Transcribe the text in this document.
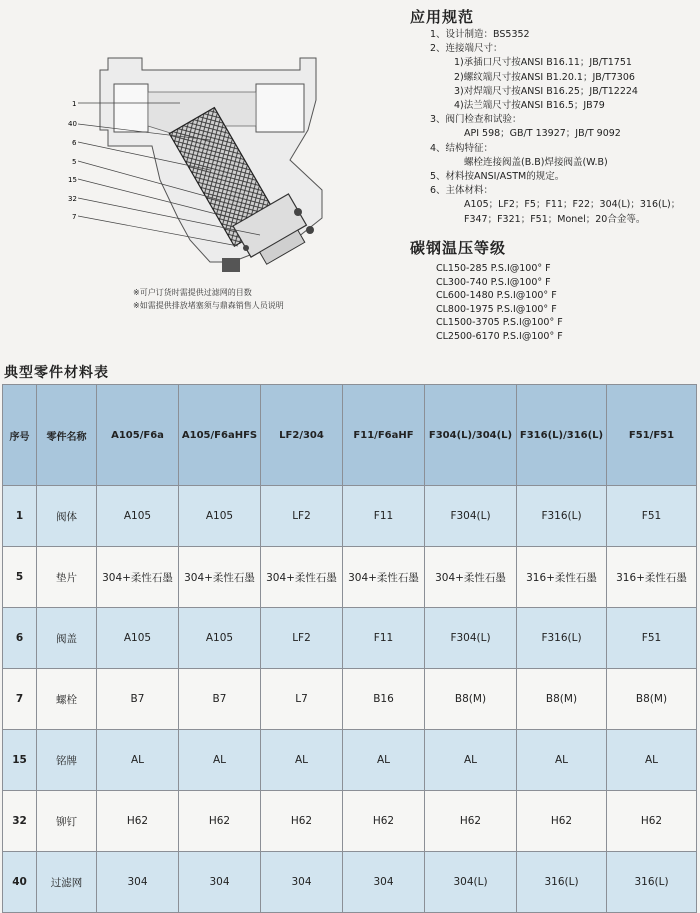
1
40
6
5
15
32
7
※可户订货时需提供过滤网的目数
※如需提供排放堵塞须与鼎森销售人员说明
应用规范
1、设计制造：BS5352
2、连接端尺寸：
1)承插口尺寸按ANSI B16.11；JB/T1751
2)螺纹端尺寸按ANSI B1.20.1；JB/T7306
3)对焊端尺寸按ANSI B16.25；JB/T12224
4)法兰端尺寸按ANSI B16.5；JB79
3、阀门检查和试验：
API 598；GB/T 13927；JB/T 9092
4、结构特征：
螺栓连接阀盖(B.B)焊接阀盖(W.B)
5、材料按ANSI/ASTM的规定。
6、主体材料：
A105；LF2；F5；F11；F22；304(L)；316(L)；
F347；F321；F51；Monel；20合金等。
碳钢温压等级
CL150-285 P.S.I@100° F
CL300-740 P.S.I@100° F
CL600-1480 P.S.I@100° F
CL800-1975 P.S.I@100° F
CL1500-3705 P.S.I@100° F
CL2500-6170 P.S.I@100° F
典型零件材料表
序号	零件名称	A105/F6a	A105/F6aHFS	LF2/304	F11/F6aHF	F304(L)/304(L)	F316(L)/316(L)	F51/F51
1	阀体	A105	A105	LF2	F11	F304(L)	F316(L)	F51
5	垫片	304+柔性石墨	304+柔性石墨	304+柔性石墨	304+柔性石墨	304+柔性石墨	316+柔性石墨	316+柔性石墨
6	阀盖	A105	A105	LF2	F11	F304(L)	F316(L)	F51
7	螺栓	B7	B7	L7	B16	B8(M)	B8(M)	B8(M)
15	铭牌	AL	AL	AL	AL	AL	AL	AL
32	铆钉	H62	H62	H62	H62	H62	H62	H62
40	过滤网	304	304	304	304	304(L)	316(L)	316(L)
